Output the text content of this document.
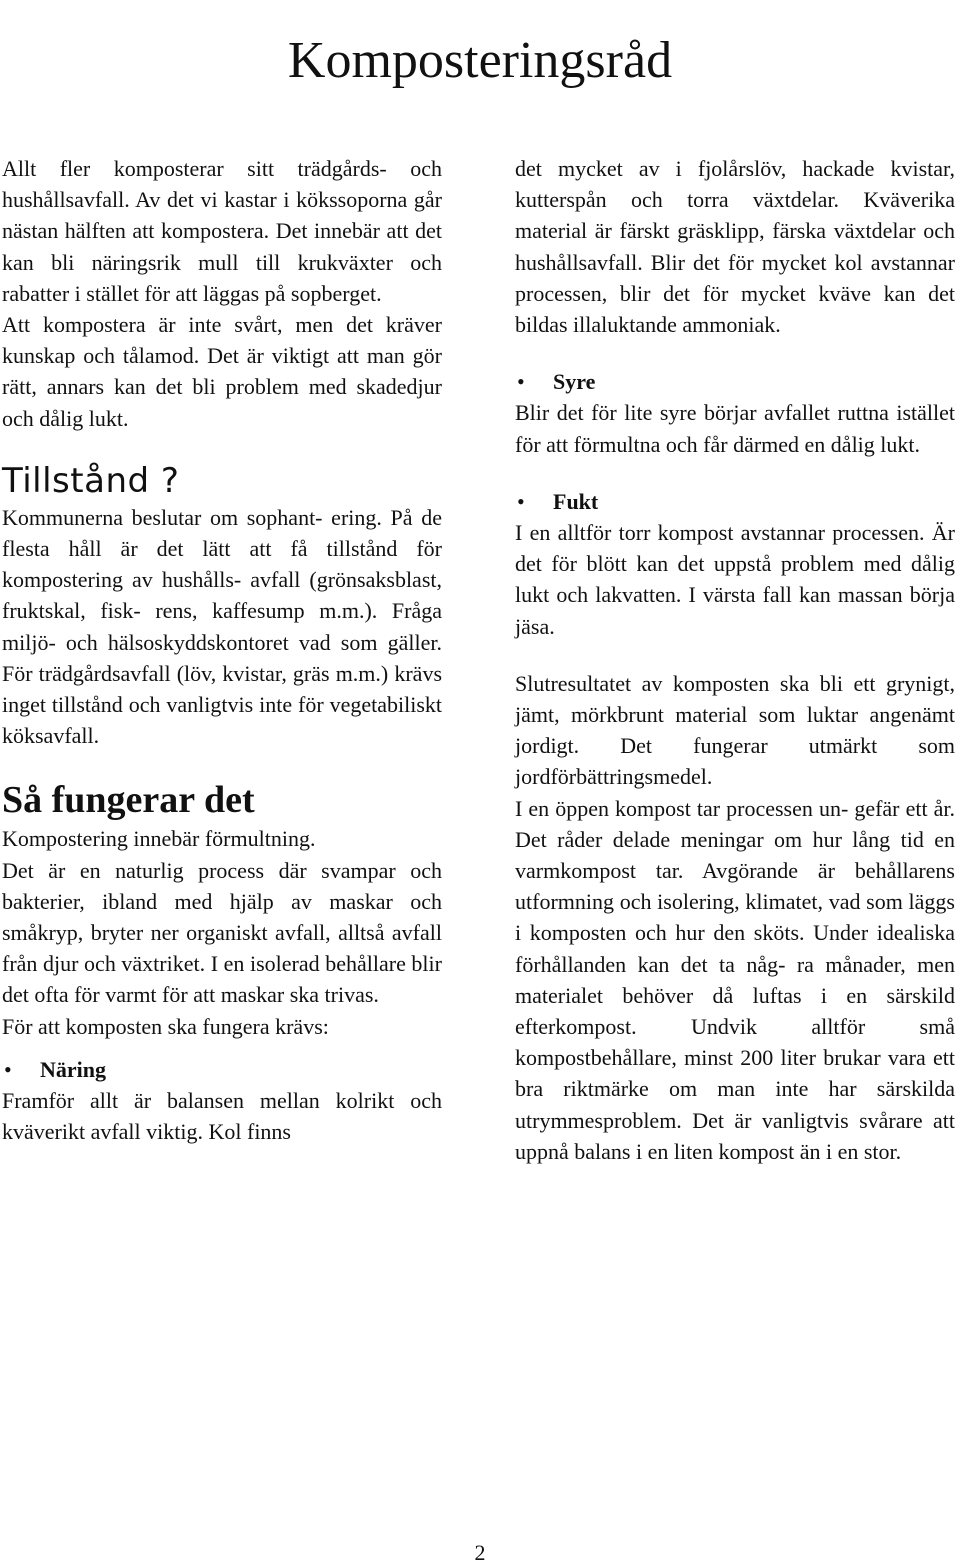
Komposteringsråd

Allt fler komposterar sitt trädgårds- och hushållsavfall. Av det vi kastar i kökssoporna går nästan hälften att kompostera. Det innebär att det kan bli näringsrik mull till krukväxter och rabatter i stället för att läggas på sopberget.

Att kompostera är inte svårt, men det kräver kunskap och tålamod. Det är viktigt att man gör rätt, annars kan det bli problem med skadedjur och dålig lukt.

Tillstånd ?

Kommunerna beslutar om sophant- ering. På de flesta håll är det lätt att få tillstånd för kompostering av hushålls- avfall (grönsaksblast, fruktskal, fisk- rens, kaffesump m.m.). Fråga miljö- och hälsoskyddskontoret vad som gäller. För trädgårdsavfall (löv, kvistar, gräs m.m.) krävs inget tillstånd och vanligtvis inte för vegetabiliskt köksavfall.

Så fungerar det

Kompostering innebär förmultning.

Det är en naturlig process där svampar och bakterier, ibland med hjälp av maskar och småkryp, bryter ner organiskt avfall, alltså avfall från djur och växtriket. I en isolerad behållare blir det ofta för varmt för att maskar ska trivas.

För att komposten ska fungera krävs:

• Näring

Framför allt är balansen mellan kolrikt och kväverikt avfall viktig. Kol finns

det mycket av i fjolårslöv, hackade kvistar, kutterspån och torra växtdelar. Kväverika material är färskt gräsklipp, färska växtdelar och hushållsavfall. Blir det för mycket kol avstannar processen, blir det för mycket kväve kan det bildas illaluktande ammoniak.

• Syre

Blir det för lite syre börjar avfallet ruttna istället för att förmultna och får därmed en dålig lukt.

• Fukt

I en alltför torr kompost avstannar processen. Är det för blött kan det uppstå problem med dålig lukt och lakvatten. I värsta fall kan massan börja jäsa.

Slutresultatet av komposten ska bli ett grynigt, jämt, mörkbrunt material som luktar angenämt jordigt. Det fungerar utmärkt som jordförbättringsmedel.

I en öppen kompost tar processen un- gefär ett år. Det råder delade meningar om hur lång tid en varmkompost tar. Avgörande är behållarens utformning och isolering, klimatet, vad som läggs i komposten och hur den sköts. Under idealiska förhållanden kan det ta någ- ra månader, men materialet behöver då luftas i en särskild efterkompost. Undvik alltför små kompostbehållare, minst 200 liter brukar vara ett bra riktmärke om man inte har särskilda utrymmesproblem. Det är vanligtvis svårare att uppnå balans i en liten kompost än i en stor.

2
